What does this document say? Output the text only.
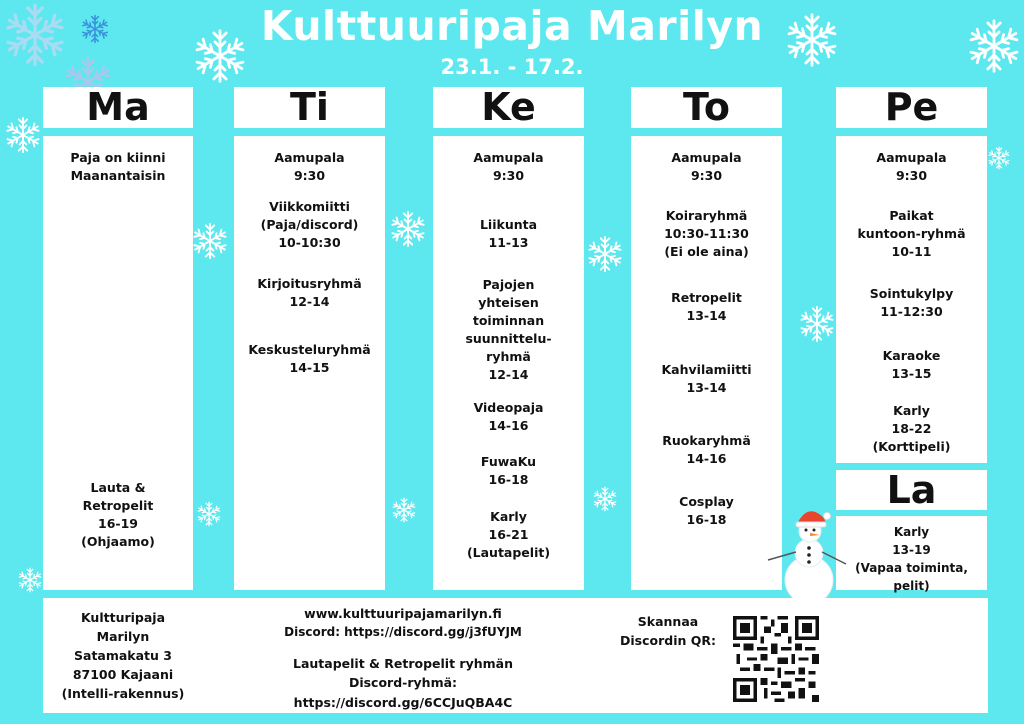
Kulttuuripaja Marilyn
23.1. - 17.2.
Ma	Ti	Ke	To	Pe
Paja on kiinni
Maanantaisin
Lauta &
Retropelit
16-19
(Ohjaamo)
Aamupala
9:30
Viikkomiitti
(Paja/discord)
10-10:30
Kirjoitusryhmä
12-14
Keskusteluryhmä
14-15
Aamupala
9:30
Liikunta
11-13
Pajojen
yhteisen
toiminnan
suunnittelu-
ryhmä
12-14
Videopaja
14-16
FuwaKu
16-18
Karly
16-21
(Lautapelit)
Aamupala
9:30
Koiraryhmä
10:30-11:30
(Ei ole aina)
Retropelit
13-14
Kahvilamiitti
13-14
Ruokaryhmä
14-16
Cosplay
16-18
Aamupala
9:30
Paikat
kuntoon-ryhmä
10-11
Sointukylpy
11-12:30
Karaoke
13-15
Karly
18-22
(Korttipeli)
La
Karly
13-19
(Vapaa toiminta, pelit)
Kultturipaja
Marilyn
Satamakatu 3
87100 Kajaani
(Intelli-rakennus)
www.kulttuuripajamarilyn.fi
Discord: https://discord.gg/j3fUYJM
Lautapelit & Retropelit ryhmän
Discord-ryhmä:
https://discord.gg/6CCJuQBA4C
Skannaa
Discordin QR:
